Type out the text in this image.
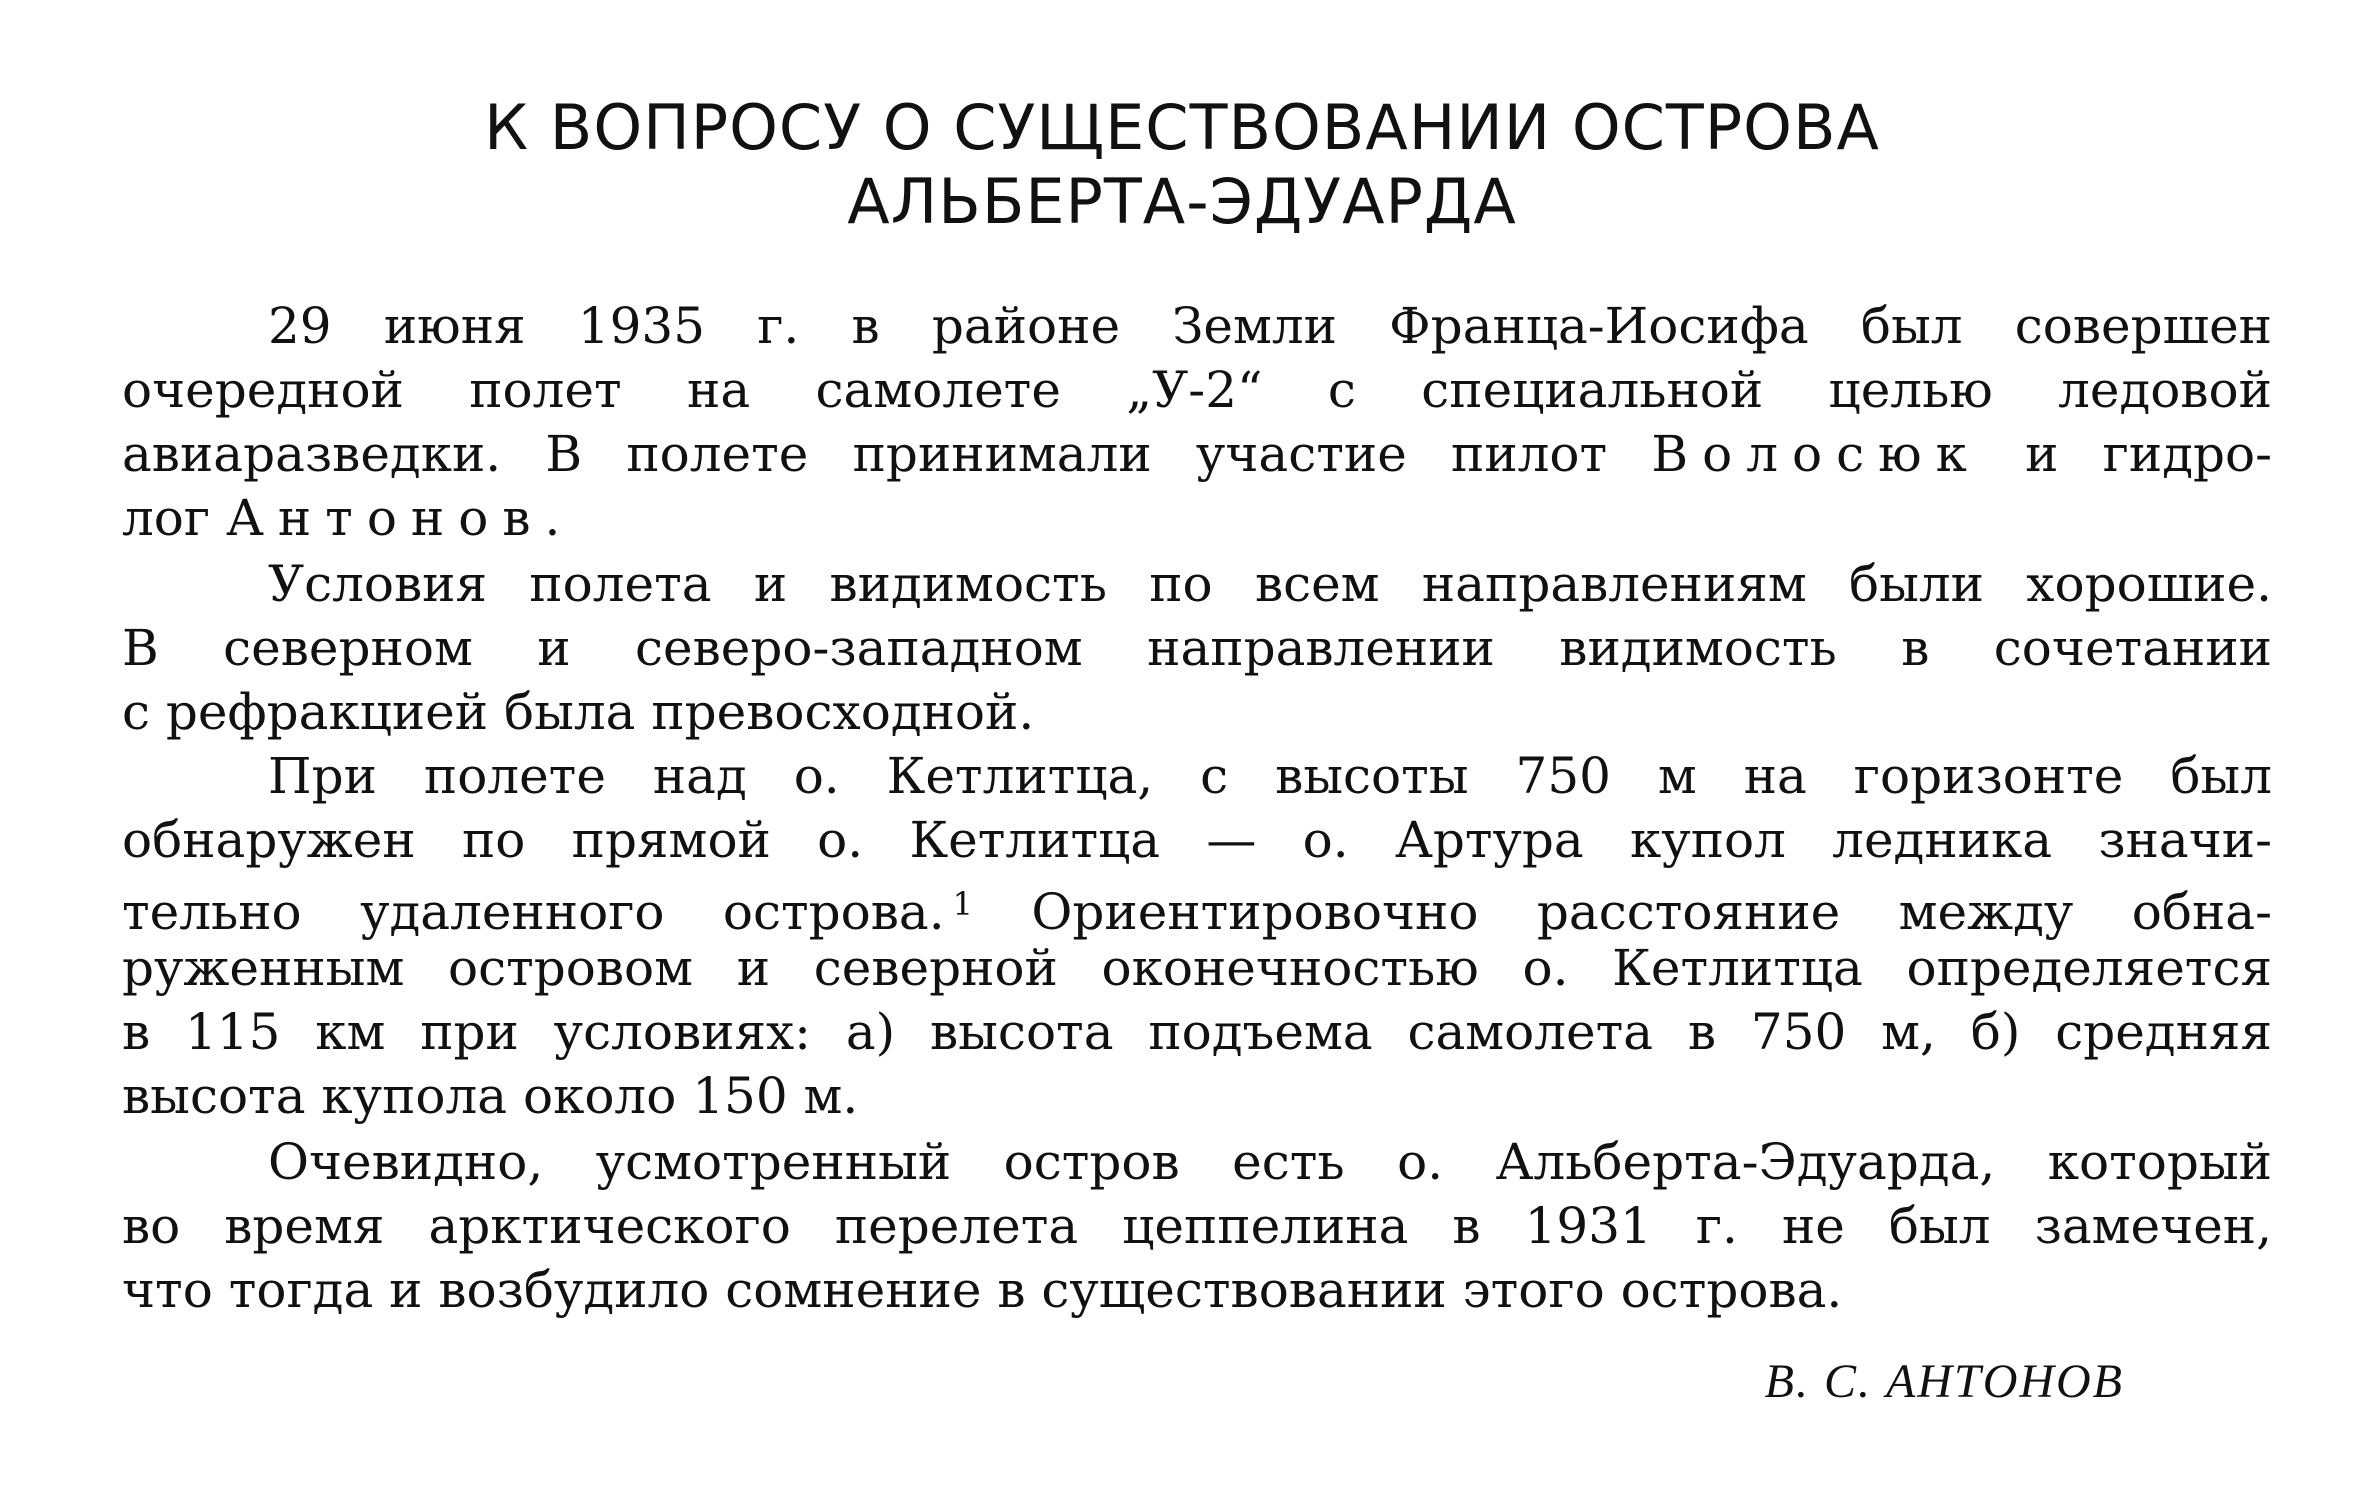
К ВОПРОСУ О СУЩЕСТВОВАНИИ ОСТРОВА
АЛЬБЕРТА-ЭДУАРДА
29 июня 1935 г. в районе Земли Франца-Иосифа был совершен
очередной полет на самолете „У-2“ с специальной целью ледовой
авиаразведки. В полете принимали участие пилот Волосюк и гидро-
лог Антонов.
Условия полета и видимость по всем направлениям были хорошие.
В северном и северо-западном направлении видимость в сочетании
с рефракцией была превосходной.
При полете над о. Кетлитца, с высоты 750 м на горизонте был
обнаружен по прямой о. Кетлитца — о. Артура купол ледника значи-
тельно удаленного острова. $^1$ Ориентировочно расстояние между обна-
руженным островом и северной оконечностью о. Кетлитца определяется
в 115 км при условиях: а) высота подъема самолета в 750 м, б) средняя
высота купола около 150 м.
Очевидно, усмотренный остров есть о. Альберта-Эдуарда, который
во время арктического перелета цеппелина в 1931 г. не был замечен,
что тогда и возбудило сомнение в существовании этого острова.
В. С. АНТОНОВ
